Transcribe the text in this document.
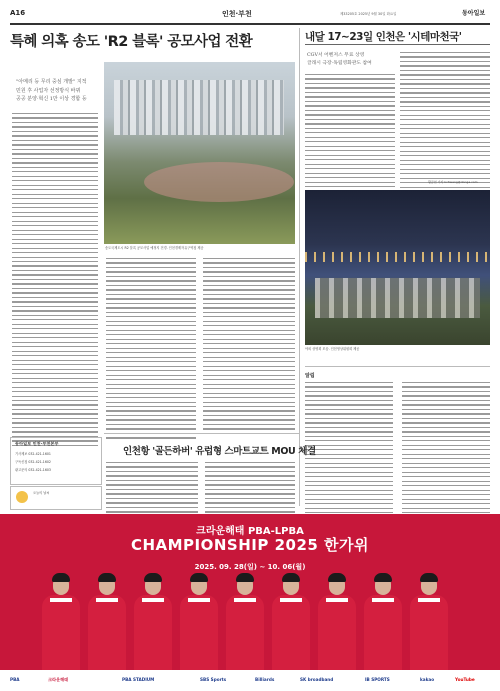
A16	인천·부천	제33205호 2025년 9월 30일 화요일	동아일보
특혜 의혹 송도 'R2 블록' 공모사업 전환
"아메리 등 무리 중심 개발" 지적
민원 후 사업자 선정방식 바꿔
공공 분양·혁신 1만 이상 경합 등
송도국제도시 R2 블록 공모사업 예정지 전경. 인천경제자유구역청 제공
내달 17∼23일 인천은 '시테마천국'
CGV서 어벤져스 무료 상영
글래시 극장·독립영화관도 참여
황금천 기자 kchwang@donga.com
야외 상영회 모습. 인천영상위원회 제공
알림
동아일보 인천·부천본부
기사제보 032-421-1601
구독신청 032-421-1602
광고문의 032-421-1603
오늘의 날씨
인천항 '골든하버' 유럽형 스마트교트 MOU 체결
크라운해태 PBA-LPBA
CHAMPIONSHIP 2025 한가위
2025. 09. 28(일) ~ 10. 06(월)
PBA	크라운해태	PBA STADIUM	SBS Sports	Billiards	SK broadband	IB SPORTS	kakao	YouTube
